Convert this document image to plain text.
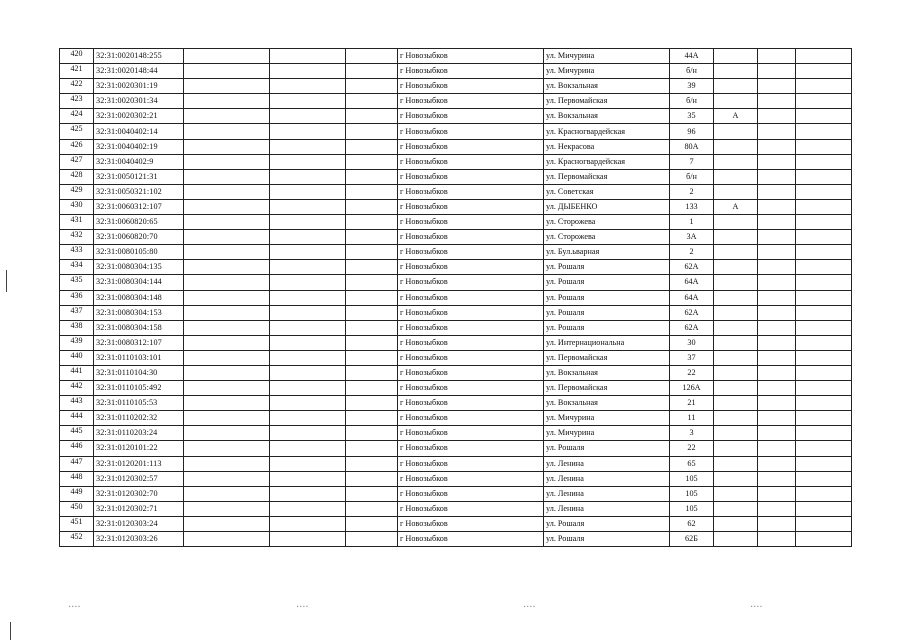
420	32:31:0020148:255				г Новозыбков	ул. Мичурина	44А			
421	32:31:0020148:44				г Новозыбков	ул. Мичурина	б/н			
422	32:31:0020301:19				г Новозыбков	ул. Вокзальная	39			
423	32:31:0020301:34				г Новозыбков	ул. Первомайская	б/н			
424	32:31:0020302:21				г Новозыбков	ул. Вокзальная	35	А		
425	32:31:0040402:14				г Новозыбков	ул. Красногвардейская	96			
426	32:31:0040402:19				г Новозыбков	ул. Некрасова	80А			
427	32:31:0040402:9				г Новозыбков	ул. Красногвардейская	7			
428	32:31:0050121:31				г Новозыбков	ул. Первомайская	б/н			
429	32:31:0050321:102				г Новозыбков	ул. Советская	2			
430	32:31:0060312:107				г Новозыбков	ул. ДЫБЕНКО	133	А		
431	32:31:0060820:65				г Новозыбков	ул. Сторожева	1			
432	32:31:0060820:70				г Новозыбков	ул. Сторожева	3А			
433	32:31:0080105:80				г Новозыбков	ул. Бул.ьварная	2			
434	32:31:0080304:135				г Новозыбков	ул. Рошаля	62А			
435	32:31:0080304:144				г Новозыбков	ул. Рошаля	64А			
436	32:31:0080304:148				г Новозыбков	ул. Рошаля	64А			
437	32:31:0080304:153				г Новозыбков	ул. Рошаля	62А			
438	32:31:0080304:158				г Новозыбков	ул. Рошаля	62А			
439	32:31:0080312:107				г Новозыбков	ул. Интернациональна	30			
440	32:31:0110103:101				г Новозыбков	ул. Первомайская	37			
441	32:31:0110104:30				г Новозыбков	ул. Вокзальная	22			
442	32:31:0110105:492				г Новозыбков	ул. Первомайская	126А			
443	32:31:0110105:53				г Новозыбков	ул. Вокзальная	21			
444	32:31:0110202:32				г Новозыбков	ул. Мичурина	11			
445	32:31:0110203:24				г Новозыбков	ул. Мичурина	3			
446	32:31:0120101:22				г Новозыбков	ул. Рошаля	22			
447	32:31:0120201:113				г Новозыбков	ул. Ленина	65			
448	32:31:0120302:57				г Новозыбков	ул. Ленина	105			
449	32:31:0120302:70				г Новозыбков	ул. Ленина	105			
450	32:31:0120302:71				г Новозыбков	ул. Ленина	105			
451	32:31:0120303:24				г Новозыбков	ул. Рошаля	62			
452	32:31:0120303:26				г Новозыбков	ул. Рошаля	62Б			
∙∙∙∙	∙∙∙∙	∙∙∙∙	∙∙∙∙
